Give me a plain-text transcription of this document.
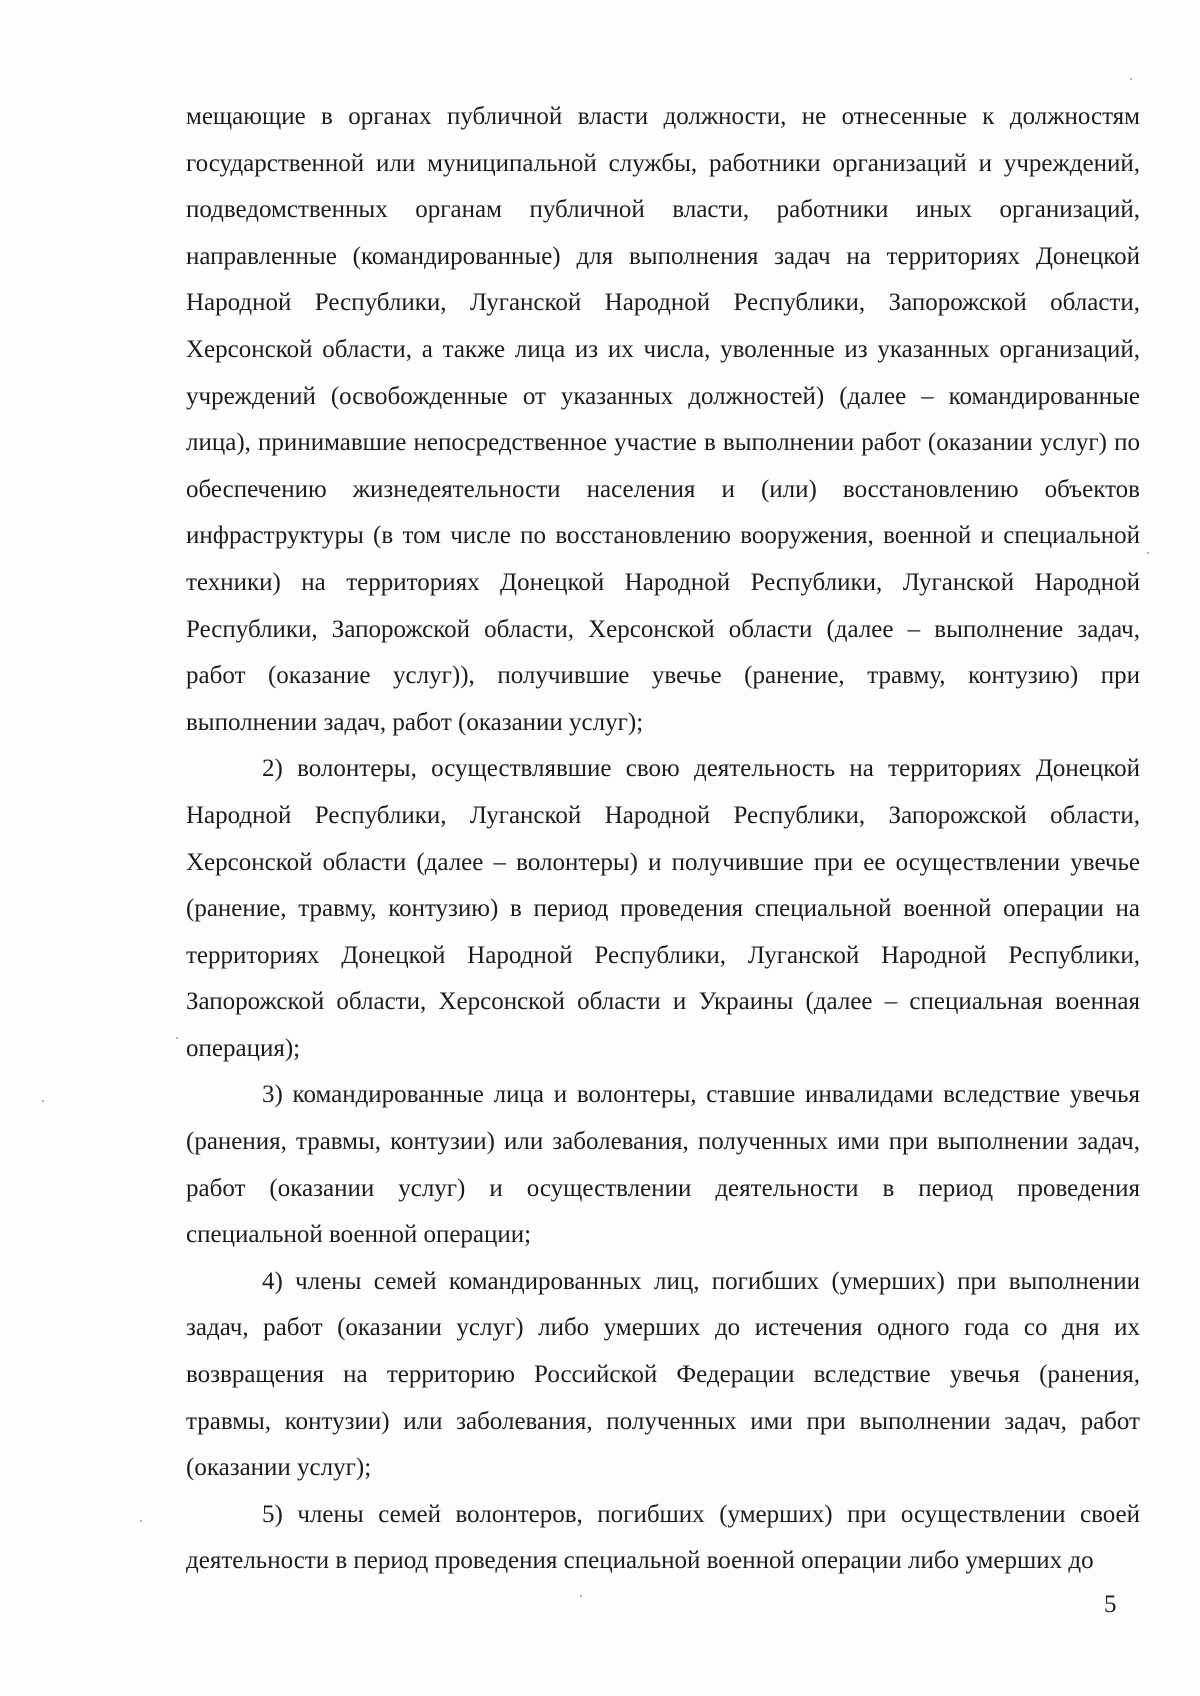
мещающие в органах публичной власти должности, не отнесенные к должностям государственной или муниципальной службы, работники организаций и учреждений, подведомственных органам публичной власти, работники иных организаций, направленные (командированные) для выполнения задач на территориях Донецкой Народной Республики, Луганской Народной Республики, Запорожской области, Херсонской области, а также лица из их числа, уволенные из указанных организаций, учреждений (освобожденные от указанных должностей) (далее – командированные лица), принимавшие непосредственное участие в выполнении работ (оказании услуг) по обеспечению жизнедеятельности населения и (или) восстановлению объектов инфраструктуры (в том числе по восстановлению вооружения, военной и специальной техники) на территориях Донецкой Народной Республики, Луганской Народной Республики, Запорожской области, Херсонской области (далее – выполнение задач, работ (оказание услуг)), получившие увечье (ранение, травму, контузию) при выполнении задач, работ (оказании услуг);

2) волонтеры, осуществлявшие свою деятельность на территориях Донецкой Народной Республики, Луганской Народной Республики, Запорожской области, Херсонской области (далее – волонтеры) и получившие при ее осуществлении увечье (ранение, травму, контузию) в период проведения специальной военной операции на территориях Донецкой Народной Республики, Луганской Народной Республики, Запорожской области, Херсонской области и Украины (далее – специальная военная операция);

3) командированные лица и волонтеры, ставшие инвалидами вследствие увечья (ранения, травмы, контузии) или заболевания, полученных ими при выполнении задач, работ (оказании услуг) и осуществлении деятельности в период проведения специальной военной операции;

4) члены семей командированных лиц, погибших (умерших) при выполнении задач, работ (оказании услуг) либо умерших до истечения одного года со дня их возвращения на территорию Российской Федерации вследствие увечья (ранения, травмы, контузии) или заболевания, полученных ими при выполнении задач, работ (оказании услуг);

5) члены семей волонтеров, погибших (умерших) при осуществлении своей деятельности в период проведения специальной военной операции либо умерших до

5
